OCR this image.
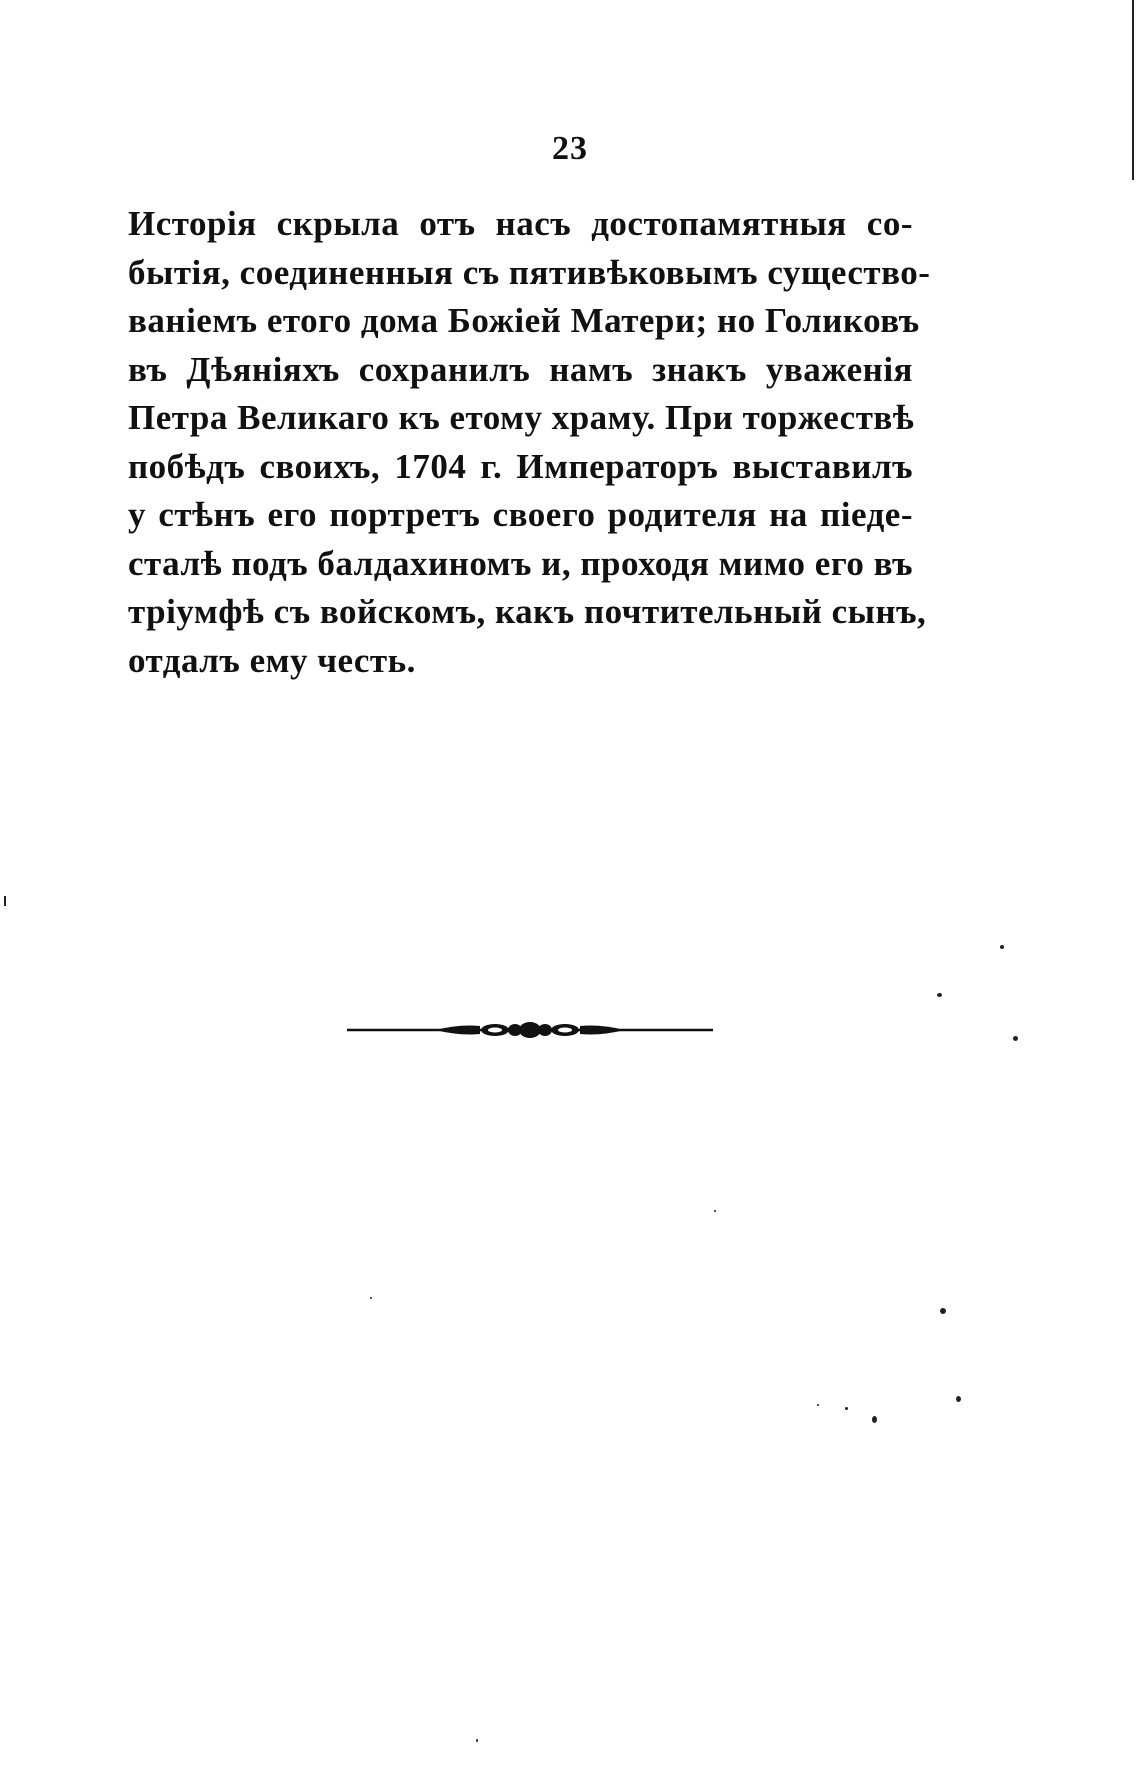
23
Исторія скрыла отъ насъ достопамятныя со-
бытія, соединенныя съ пятивѣковымъ существо-
ваніемъ етого дома Божіей Матери; но Голиковъ
въ Дѣяніяхъ сохранилъ намъ знакъ уваженія
Петра Великаго къ етому храму. При торжествѣ
побѣдъ своихъ, 1704 г. Императоръ выставилъ
у стѣнъ его портретъ своего родителя на піеде-
сталѣ подъ балдахиномъ и, проходя мимо его въ
тріумфѣ съ войскомъ, какъ почтительный сынъ,
отдалъ ему честь.
